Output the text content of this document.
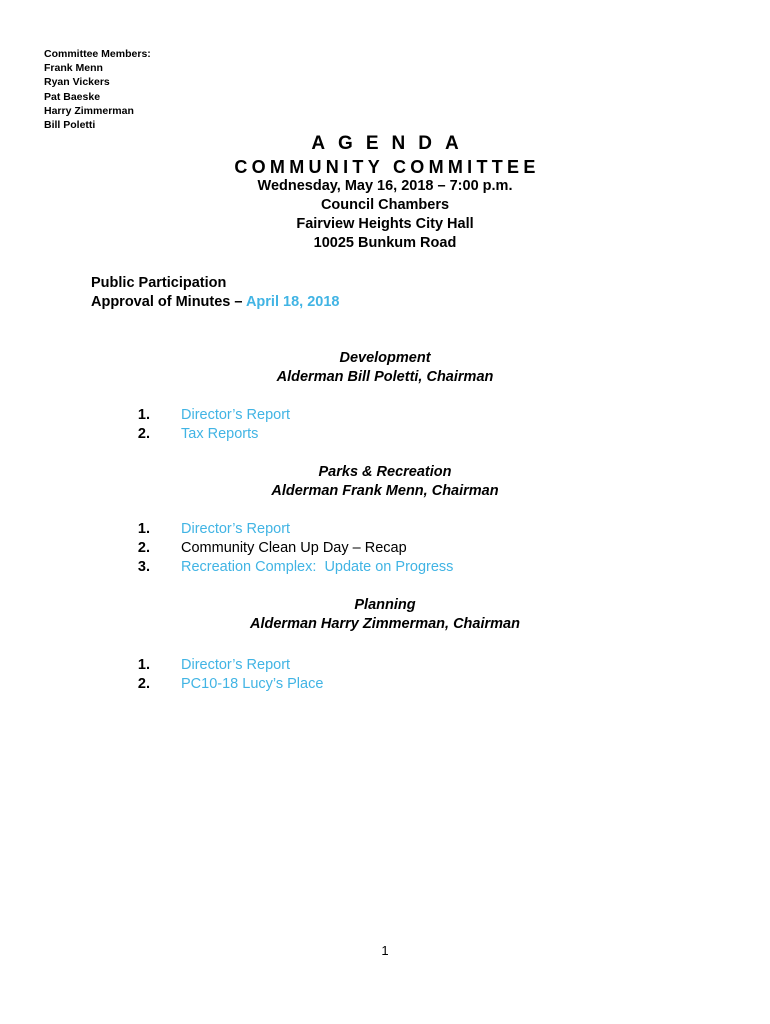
Committee Members:
Frank Menn
Ryan Vickers
Pat Baeske
Harry Zimmerman
Bill Poletti
AGENDA
COMMUNITY COMMITTEE
Wednesday, May 16, 2018 – 7:00 p.m.
Council Chambers
Fairview Heights City Hall
10025 Bunkum Road
Public Participation
Approval of Minutes – April 18, 2018
Development
Alderman Bill Poletti, Chairman
1. Director’s Report
2. Tax Reports
Parks & Recreation
Alderman Frank Menn, Chairman
1. Director’s Report
2. Community Clean Up Day – Recap
3. Recreation Complex:  Update on Progress
Planning
Alderman Harry Zimmerman, Chairman
1. Director’s Report
2. PC10-18 Lucy’s Place
1
